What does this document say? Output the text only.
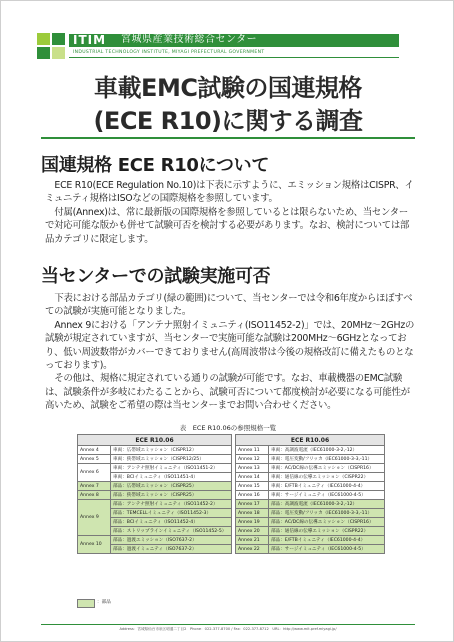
ITIM 宮城県産業技術総合センター
INDUSTRIAL TECHNOLOGY INSTITUTE, MIYAGI PREFECTURAL GOVERNMENT
車載EMC試験の国連規格
(ECE R10)に関する調査
国連規格 ECE R10について

ECE R10(ECE Regulation No.10)は下表に示すように、エミッション規格はCISPR、イミュニティ規格はISOなどの国際規格を参照しています。

付属(Annex)は、常に最新版の国際規格を参照しているとは限らないため、当センターで対応可能な版かも併せて試験可否を検討する必要があります。なお、検討については部品カテゴリに限定します。

当センターでの試験実施可否

下表における部品カテゴリ(緑の範囲)について、当センターでは令和6年度からほぼすべての試験が実施可能となりました。

Annex 9における「アンテナ照射イミュニティ(ISO11452-2)」では、20MHz～2GHzの試験が規定されていますが、当センターで実施可能な試験は200MHz～6GHzとなっており、低い周波数帯がカバーできておりません(高周波帯は今後の規格改訂に備えたものとなっております)。

その他は、規格に規定されている通りの試験が可能です。なお、車載機器のEMC試験は、試験条件が多岐にわたることから、試験可否について都度検討が必要になる可能性が高いため、試験をご希望の際は当センターまでお問い合わせください。

表　ECE R10.06の参照規格一覧
ECE R10.06	
Annex 4	車両：広帯域エミッション（CISPR12）
Annex 5	車両：狭帯域エミッション（CISPR12/25）
Annex 6	車両：アンテナ照射イミュニティ（ISO11451-2）
	車両：BCIイミュニティ（ISO11451-4）
Annex 7	部品：広帯域エミッション（CISPR25）
Annex 8	部品：狭帯域エミッション（CISPR25）
Annex 9	部品：アンテナ照射イミュニティ（ISO11452-2）
	部品：TEMCELLイミュニティ（ISO11452-3）
	部品：BCIイミュニティ（ISO11452-4）
	部品：ストリップラインイミュニティ（ISO11452-5）
Annex 10	部品：過渡エミッション（ISO7637-2）
	部品：過渡イミュニティ（ISO7637-2）
ECE R10.06	
Annex 11	車両：高調波電流（IEC61000-3-2,-12）
Annex 12	車両：電圧変動/フリッカ（IEC61000-3-3,-11）
Annex 13	車両：AC/DC線の伝導エミッション（CISPR16）
Annex 14	車両：通信線の伝導エミッション（CISPR22）
Annex 15	車両：E/FTBイミュニティ（IEC61000-4-4）
Annex 16	車両：サージイミュニティ（IEC61000-4-5）
Annex 17	部品：高調波電流（IEC61000-3-2,-12）
Annex 18	部品：電圧変動/フリッカ（IEC61000-3-3,-11）
Annex 19	部品：AC/DC線の伝導エミッション（CISPR16）
Annex 20	部品：通信線の伝導エミッション（CISPR22）
Annex 21	部品：E/FTBイミュニティ（IEC61000-4-4）
Annex 22	部品：サージイミュニティ（IEC61000-4-5）
：部品
Address：宮城県仙台市泉区明通二丁目2　Phone：022-377-8700 / Fax：022-377-8712　URL：http://www.mit.pref.miyagi.jp/
